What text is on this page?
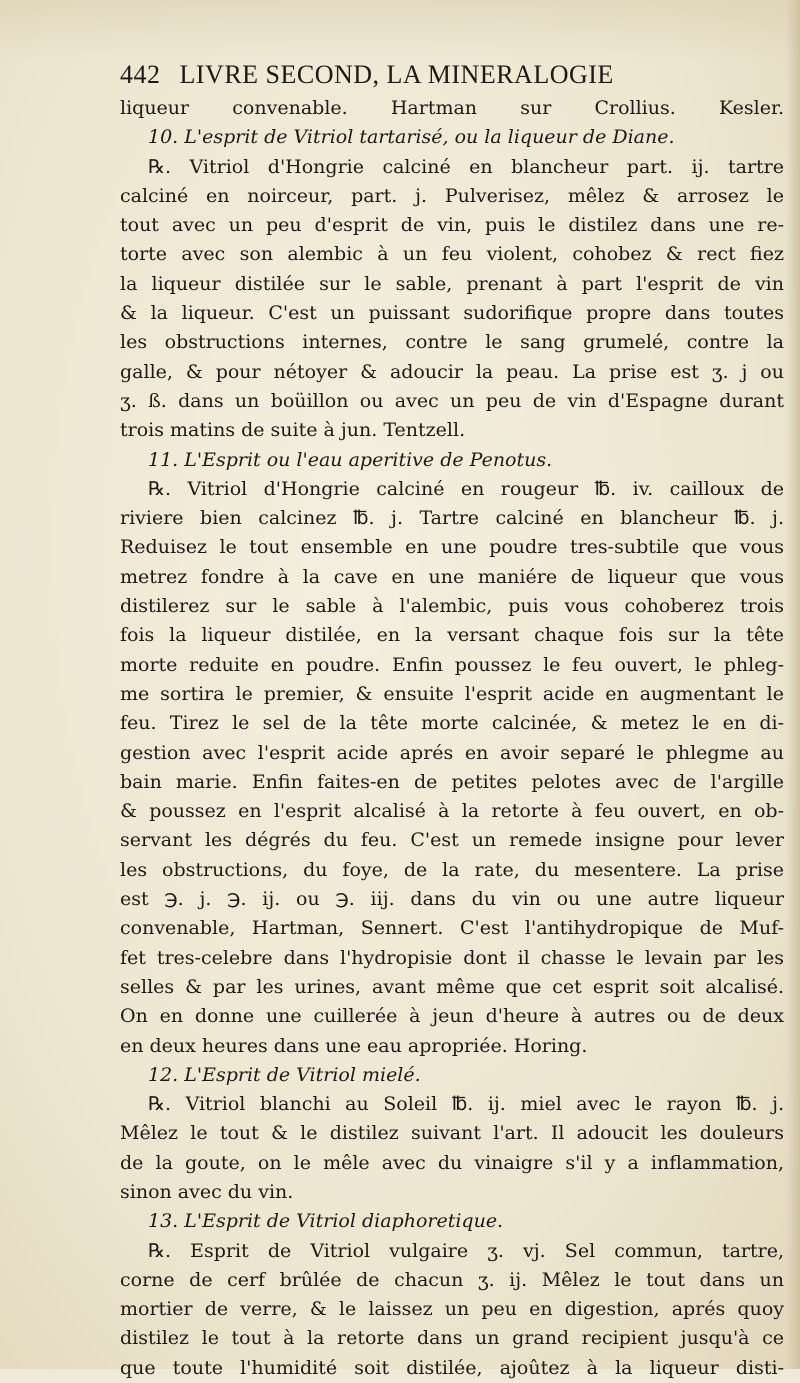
442 LIVRE SECOND, LA MINERALOGIE
liqueur convenable. Hartman sur Crollius. Kesler.
10. L'esprit de Vitriol tartarisé, ou la liqueur de Diane.
℞. Vitriol d'Hongrie calciné en blancheur part. ij. tartre
calciné en noirceur, part. j. Pulverisez, mêlez & arrosez le
tout avec un peu d'esprit de vin, puis le distilez dans une re-
torte avec son alembic à un feu violent, cohobez & rect fiez
la liqueur distilée sur le sable, prenant à part l'esprit de vin
& la liqueur. C'est un puissant sudorifique propre dans toutes
les obstructions internes, contre le sang grumelé, contre la
galle, & pour nétoyer & adoucir la peau. La prise est ʒ. j ou
ʒ. ß. dans un boüillon ou avec un peu de vin d'Espagne durant
trois matins de suite à jun. Tentzell.
11. L'Esprit ou l'eau aperitive de Penotus.
℞. Vitriol d'Hongrie calciné en rougeur ℔. iv. cailloux de
riviere bien calcinez ℔. j. Tartre calciné en blancheur ℔. j.
Reduisez le tout ensemble en une poudre tres-subtile que vous
metrez fondre à la cave en une maniére de liqueur que vous
distilerez sur le sable à l'alembic, puis vous cohoberez trois
fois la liqueur distilée, en la versant chaque fois sur la tête
morte reduite en poudre. Enfin poussez le feu ouvert, le phleg-
me sortira le premier, & ensuite l'esprit acide en augmentant le
feu. Tirez le sel de la tête morte calcinée, & metez le en di-
gestion avec l'esprit acide aprés en avoir separé le phlegme au
bain marie. Enfin faites-en de petites pelotes avec de l'argille
& poussez en l'esprit alcalisé à la retorte à feu ouvert, en ob-
servant les dégrés du feu. C'est un remede insigne pour lever
les obstructions, du foye, de la rate, du mesentere. La prise
est ℈. j. ℈. ij. ou ℈. iij. dans du vin ou une autre liqueur
convenable, Hartman, Sennert. C'est l'antihydropique de Muf-
fet tres-celebre dans l'hydropisie dont il chasse le levain par les
selles & par les urines, avant même que cet esprit soit alcalisé.
On en donne une cuillerée à jeun d'heure à autres ou de deux
en deux heures dans une eau apropriée. Horing.
12. L'Esprit de Vitriol mielé.
℞. Vitriol blanchi au Soleil ℔. ij. miel avec le rayon ℔. j.
Mêlez le tout & le distilez suivant l'art. Il adoucit les douleurs
de la goute, on le mêle avec du vinaigre s'il y a inflammation,
sinon avec du vin.
13. L'Esprit de Vitriol diaphoretique.
℞. Esprit de Vitriol vulgaire ʒ. vj. Sel commun, tartre,
corne de cerf brûlée de chacun ʒ. ij. Mêlez le tout dans un
mortier de verre, & le laissez un peu en digestion, aprés quoy
distilez le tout à la retorte dans un grand recipient jusqu'à ce
que toute l'humidité soit distilée, ajoûtez à la liqueur disti-
